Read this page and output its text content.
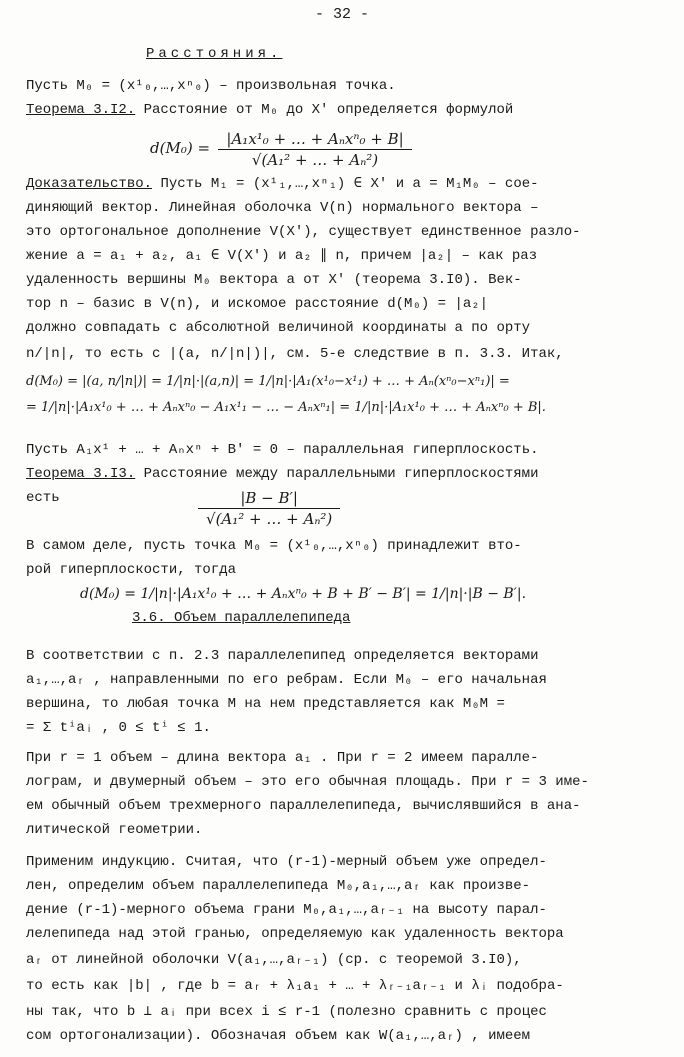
- 32 -
Расстояния.
Пусть M₀ = (x¹₀,…,xⁿ₀) – произвольная точка.
Теорема 3.I2. Расстояние от M₀ до X′ определяется формулой
$d(M_0) = \frac{\text{|A₁x¹₀ + … + Aₙxⁿ₀ + B|}}{\text{√(A₁² + … + Aₙ²)}}$
Доказательство. Пусть M₁ = (x¹₁,…,xⁿ₁) ∈ X′ и a = M₁M₀ – сое-
диняющий вектор. Линейная оболочка V(n) нормального вектора –
это ортогональное дополнение V(X′), существует единственное разло-
жение a = a₁ + a₂, a₁ ∈ V(X′) и a₂ ∥ n, причем |a₂| – как раз
удаленность вершины M₀ вектора a от X′ (теорема 3.I0). Век-
тор n – базис в V(n), и искомое расстояние d(M₀) = |a₂|
должно совпадать с абсолютной величиной координаты a по орту
n/|n|, то есть с |(a, n/|n|)|, см. 5-е следствие в п. 3.3. Итак,
d(M₀) = |(a, n/|n|)| = 1/|n|·|(a,n)| = 1/|n|·|A₁(x¹₀−x¹₁) + … + Aₙ(xⁿ₀−xⁿ₁)| =
= 1/|n|·|A₁x¹₀ + … + Aₙxⁿ₀ − A₁x¹₁ − … − Aₙxⁿ₁| = 1/|n|·|A₁x¹₀ + … + Aₙxⁿ₀ + B|.
Пусть A₁x¹ + … + Aₙxⁿ + B′ = 0 – параллельная гиперплоскость.
Теорема 3.I3. Расстояние между параллельными гиперплоскостями
есть	$\frac{|B - B'|}{\text{√(A₁² + … + Aₙ²)}}$
В самом деле, пусть точка M₀ = (x¹₀,…,xⁿ₀) принадлежит вто-
рой гиперплоскости, тогда
d(M₀) = 1/|n|·|A₁x¹₀ + … + Aₙxⁿ₀ + B + B′ − B′| = 1/|n|·|B − B′|.
3.6. Объем параллелепипеда
В соответствии с п. 2.3 параллелепипед определяется векторами
a₁,…,aᵣ , направленными по его ребрам. Если M₀ – его начальная
вершина, то любая точка M на нем представляется как M₀M =
= Σ tⁱaᵢ , 0 ≤ tⁱ ≤ 1.
При r = 1 объем – длина вектора a₁ . При r = 2 имеем паралле-
лограм, и двумерный объем – это его обычная площадь. При r = 3 име-
ем обычный объем трехмерного параллелепипеда, вычислявшийся в ана-
литической геометрии.
Применим индукцию. Считая, что (r-1)-мерный объем уже определ-
лен, определим объем параллелепипеда M₀,a₁,…,aᵣ как произве-
дение (r-1)-мерного объема грани M₀,a₁,…,aᵣ₋₁ на высоту парал-
лелепипеда над этой гранью, определяемую как удаленность вектора
aᵣ от линейной оболочки V(a₁,…,aᵣ₋₁) (ср. с теоремой 3.I0),
то есть как |b| , где b = aᵣ + λ₁a₁ + … + λᵣ₋₁aᵣ₋₁ и λᵢ подобра-
ны так, что b ⊥ aᵢ при всех i ≤ r-1 (полезно сравнить с процес
сом ортогонализации). Обозначая объем как W(a₁,…,aᵣ) , имеем
